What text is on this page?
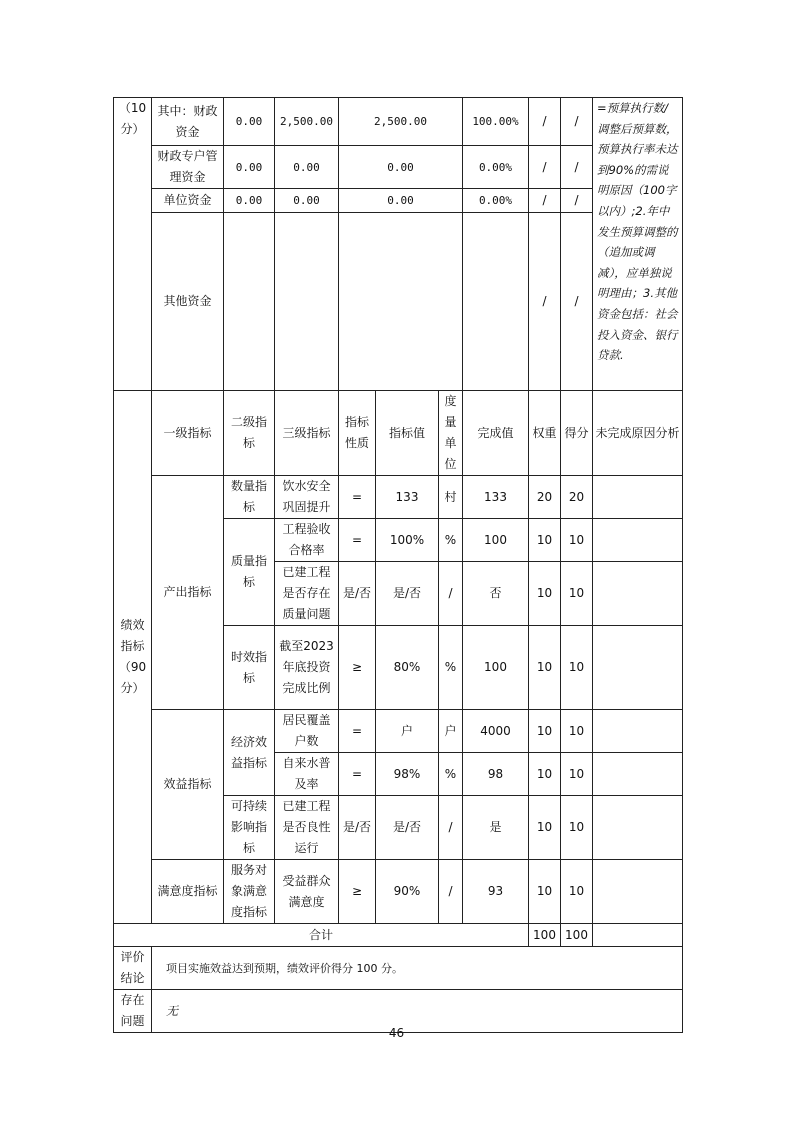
（10分）	其中：财政资金	0.00	2,500.00	2,500.00			100.00%	/	/	=预算执行数/调整后预算数，预算执行率未达到90%的需说明原因（100字以内）;2.年中发生预算调整的（追加或调减），应单独说明理由；3.其他资金包括：社会投入资金、银行贷款.
	财政专户管理资金	0.00	0.00	0.00			0.00%	/	/	
	单位资金	0.00	0.00	0.00			0.00%	/	/	
	其他资金							/	/	
绩效指标（90分）	一级指标	二级指标	三级指标	指标性质	指标值	度量单位	完成值	权重	得分	未完成原因分析
	产出指标	数量指标	饮水安全巩固提升	=	133	村	133	20	20	
		质量指标	工程验收合格率	=	100%	%	100	10	10	
			已建工程是否存在质量问题	是/否	是/否	/	否	10	10	
		时效指标	截至2023年底投资完成比例	≥	80%	%	100	10	10	
	效益指标	经济效益指标	居民覆盖户数	=	户	户	4000	10	10	
			自来水普及率	=	98%	%	98	10	10	
		可持续影响指标	已建工程是否良性运行	是/否	是/否	/	是	10	10	
	满意度指标	服务对象满意度指标	受益群众满意度	≥	90%	/	93	10	10	
合计								100	100	
评价结论	项目实施效益达到预期，绩效评价得分 100 分。									
存在问题	无									
46
